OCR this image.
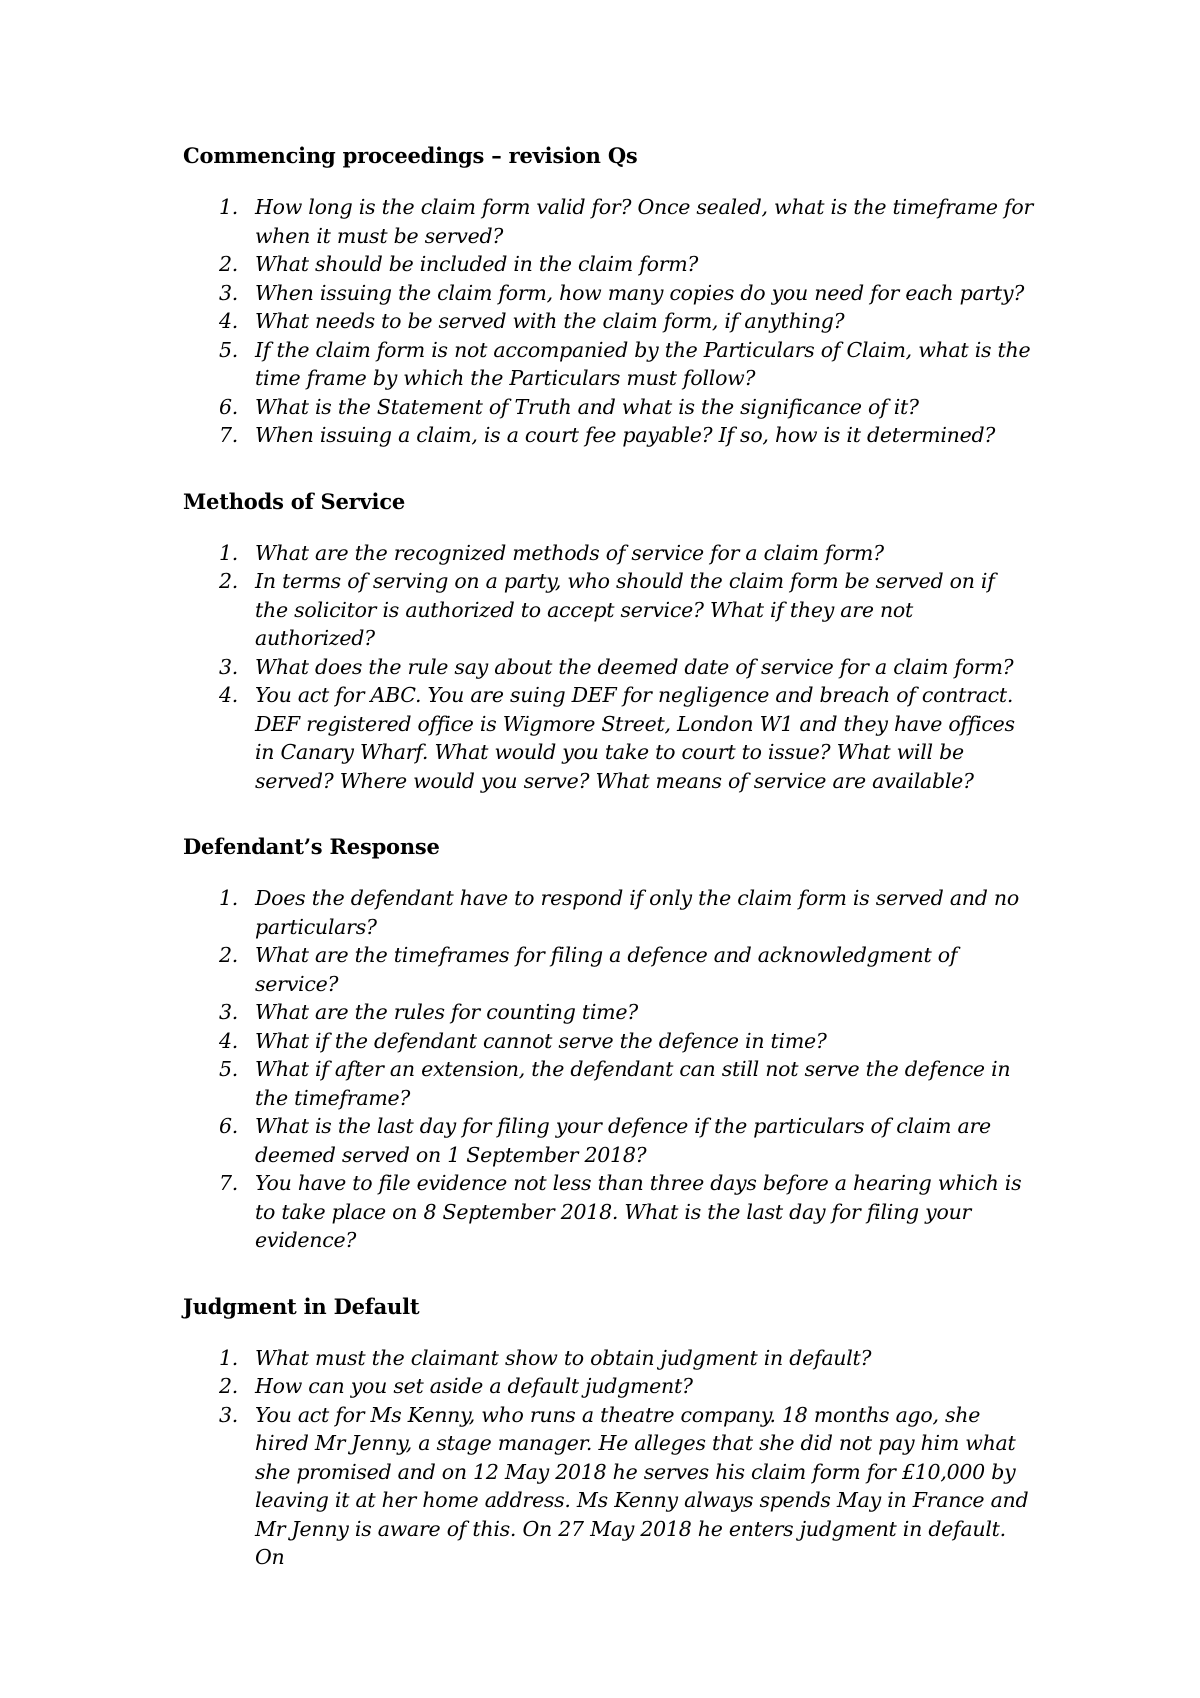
Commencing proceedings – revision Qs
1. How long is the claim form valid for? Once sealed, what is the timeframe for when it must be served?
2. What should be included in the claim form?
3. When issuing the claim form, how many copies do you need for each party?
4. What needs to be served with the claim form, if anything?
5. If the claim form is not accompanied by the Particulars of Claim, what is the time frame by which the Particulars must follow?
6. What is the Statement of Truth and what is the significance of it?
7. When issuing a claim, is a court fee payable? If so, how is it determined?
Methods of Service
1. What are the recognized methods of service for a claim form?
2. In terms of serving on a party, who should the claim form be served on if the solicitor is authorized to accept service? What if they are not authorized?
3. What does the rule say about the deemed date of service for a claim form?
4. You act for ABC. You are suing DEF for negligence and breach of contract. DEF registered office is Wigmore Street, London W1 and they have offices in Canary Wharf. What would you take to court to issue? What will be served? Where would you serve? What means of service are available?
Defendant’s Response
1. Does the defendant have to respond if only the claim form is served and no particulars?
2. What are the timeframes for filing a defence and acknowledgment of service?
3. What are the rules for counting time?
4. What if the defendant cannot serve the defence in time?
5. What if after an extension, the defendant can still not serve the defence in the timeframe?
6. What is the last day for filing your defence if the particulars of claim are deemed served on 1 September 2018?
7. You have to file evidence not less than three days before a hearing which is to take place on 8 September 2018. What is the last day for filing your evidence?
Judgment in Default
1. What must the claimant show to obtain judgment in default?
2. How can you set aside a default judgment?
3. You act for Ms Kenny, who runs a theatre company. 18 months ago, she hired Mr Jenny, a stage manager. He alleges that she did not pay him what she promised and on 12 May 2018 he serves his claim form for £10,000 by leaving it at her home address. Ms Kenny always spends May in France and Mr Jenny is aware of this. On 27 May 2018 he enters judgment in default. On
